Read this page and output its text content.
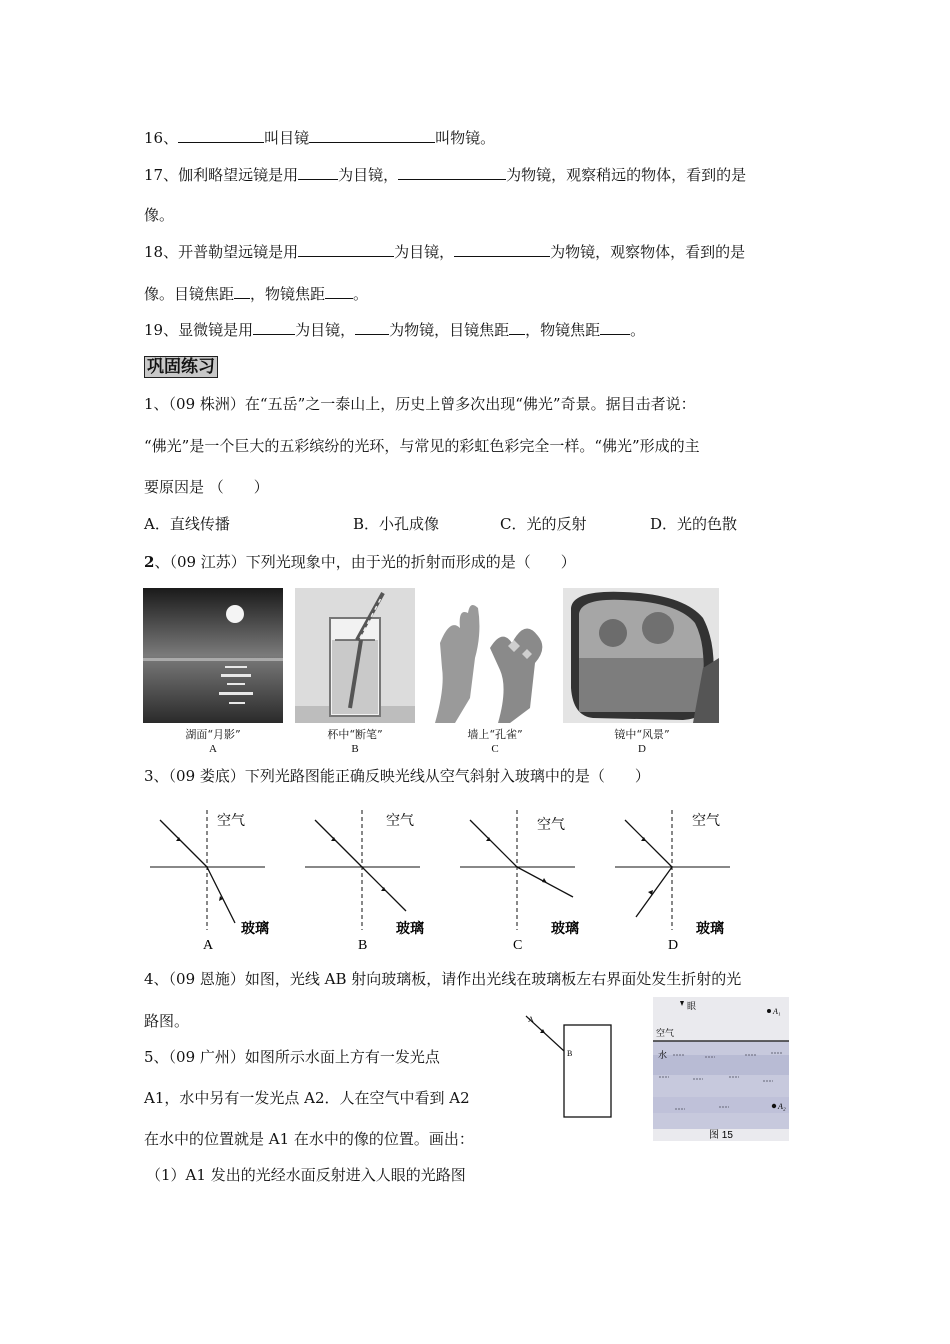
16、	叫目镜	叫物镜。
17、伽利略望远镜是用	为目镜，	为物镜，观察稍远的物体，看到的是
像。
18、开普勒望远镜是用	为目镜，	为物镜，观察物体，看到的是
像。目镜焦距 ，物镜焦距 。
19、显微镜是用	为目镜， 为物镜，目镜焦距 ，物镜焦距 。
巩固练习
1、（09 株洲）在“五岳”之一泰山上，历史上曾多次出现“佛光”奇景。据目击者说：
“佛光”是一个巨大的五彩缤纷的光环，与常见的彩虹色彩完全一样。“佛光”形成的主
要原因是 （　　）
A．直线传播	B．小孔成像	C．光的反射	D．光的色散
2、（09 江苏）下列光现象中，由于光的折射而形成的是（　　）
湖面“月影”
A
杯中“断笔”
B
墙上“孔雀”
C
镜中“风景”
D
3、（09 娄底）下列光路图能正确反映光线从空气斜射入玻璃中的是（　　）
空气
玻璃
A
空气
玻璃
B
空气
玻璃
C
空气
玻璃
D
4、（09 恩施）如图，光线 AB 射向玻璃板，请作出光线在玻璃板左右界面处发生折射的光
路图。	A
B
5、（09 广州）如图所示水面上方有一发光点
A1，水中另有一发光点 A2．人在空气中看到 A2
在水中的位置就是 A1 在水中的像的位置。画出：
（1）A1 发出的光经水面反射进入人眼的光路图
眼	A₁
空气
水
A₂
图 15
